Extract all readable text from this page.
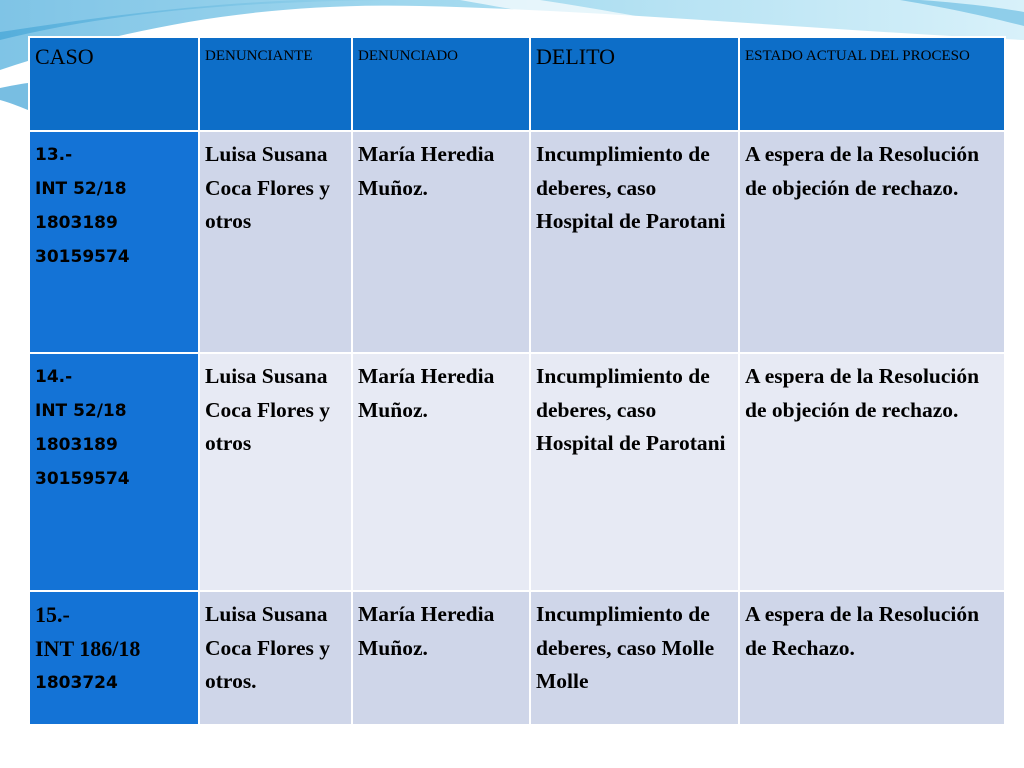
CASO	DENUNCIANTE	DENUNCIADO	DELITO	ESTADO ACTUAL DEL PROCESO

13.-
INT 52/18
1803189
30159574	Luisa Susana Coca Flores y otros	María Heredia Muñoz.	Incumplimiento de deberes, caso Hospital de Parotani	A espera de la Resolución de objeción de rechazo.

14.-
INT 52/18
1803189
30159574	Luisa Susana Coca Flores y otros	María Heredia Muñoz.	Incumplimiento de deberes, caso Hospital de Parotani	A espera de la Resolución de objeción de rechazo.

15.-
INT 186/18
1803724	Luisa Susana Coca Flores y otros.	María Heredia Muñoz.	Incumplimiento de deberes, caso Molle Molle	A espera de la Resolución de Rechazo.
